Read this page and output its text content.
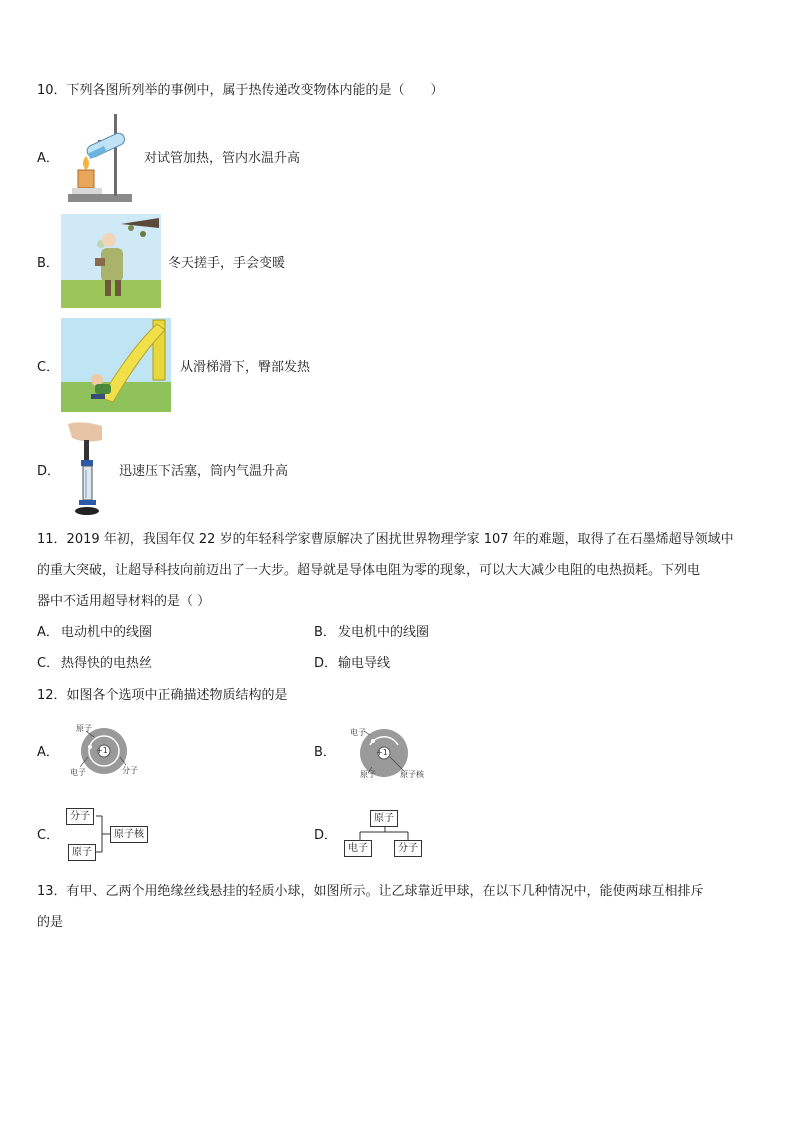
10．下列各图所列举的事例中，属于热传递改变物体内能的是（　　）
A．	对试管加热，管内水温升高
B．	冬天搓手，手会变暖
C．	从滑梯滑下，臀部发热
D．	迅速压下活塞，筒内气温升高
11．2019 年初，我国年仅 22 岁的年轻科学家曹原解决了困扰世界物理学家 107 年的难题，取得了在石墨烯超导领域中
的重大突破，让超导科技向前迈出了一大步。超导就是导体电阻为零的现象，可以大大减少电阻的电热损耗。下列电
器中不适用超导材料的是（ ）
A． 电动机中的线圈	B． 发电机中的线圈
C． 热得快的电热丝	D． 输电导线
12．如图各个选项中正确描述物质结构的是
A．	+1
原子
电子	分子
B．	+1
电子
原子	原子核
C．
分子
原子
原子核	D．
原子
电子	分子
13．有甲、乙两个用绝缘丝线悬挂的轻质小球，如图所示。让乙球靠近甲球，在以下几种情况中，能使两球互相排斥
的是
